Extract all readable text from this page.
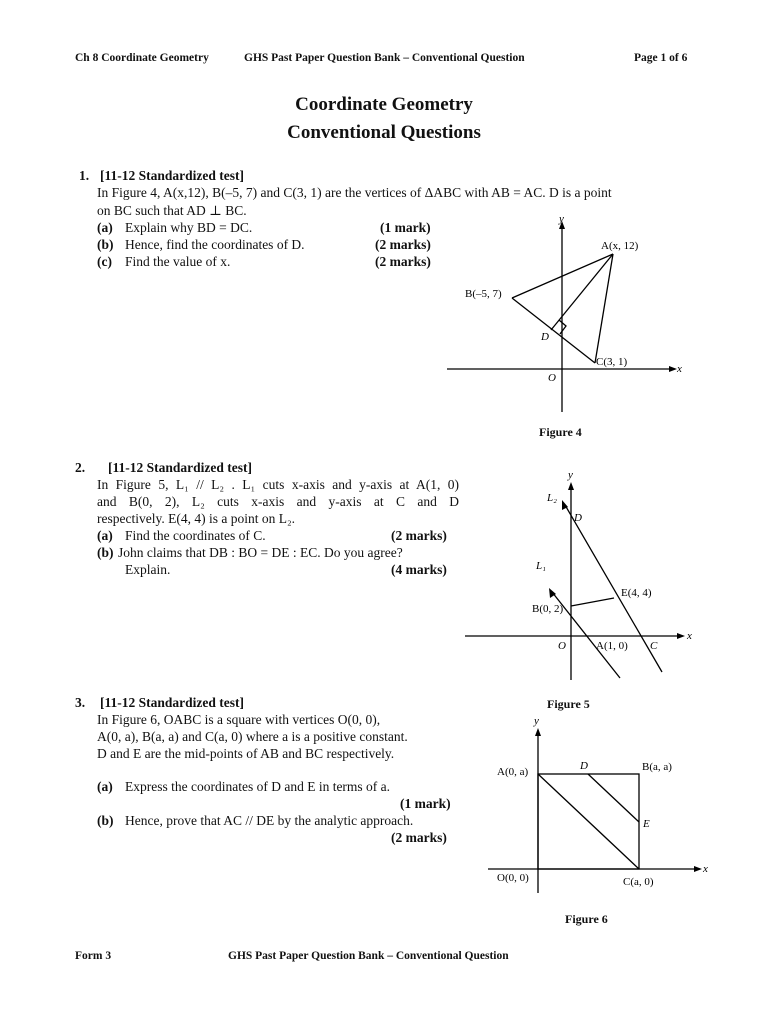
Ch 8 Coordinate Geometry	GHS Past Paper Question Bank – Conventional Question	Page 1 of 6
Coordinate Geometry
Conventional Questions
1. [11-12 Standardized test]
In Figure 4, A(x,12), B(–5, 7) and C(3, 1) are the vertices of ΔABC with AB = AC. D is a point
on BC such that AD ⊥ BC.
(a) Explain why BD = DC.	(1 mark)
(b) Hence, find the coordinates of D.	(2 marks)
(c) Find the value of x.	(2 marks)
y
x
A(x, 12)
B(–5, 7)
C(3, 1)
D
O
Figure 4
2. [11-12 Standardized test]
In Figure 5, L₁ // L₂ . L₁ cuts x-axis and y-axis at A(1, 0)
and B(0, 2), L₂ cuts x-axis and y-axis at C and D
respectively. E(4, 4) is a point on L₂.
(a) Find the coordinates of C.	(2 marks)
(b) John claims that DB : BO = DE : EC. Do you agree?
Explain.	(4 marks)
y
x
L₂
L₁
D
E(4, 4)
B(0, 2)
O	A(1, 0) C
Figure 5
3. [11-12 Standardized test]
In Figure 6, OABC is a square with vertices O(0, 0),
A(0, a), B(a, a) and C(a, 0) where a is a positive constant.
D and E are the mid-points of AB and BC respectively.
(a) Express the coordinates of D and E in terms of a.
(1 mark)
(b) Hence, prove that AC // DE by the analytic approach.
(2 marks)
y
x
A(0, a)	B(a, a)
D
E
O(0, 0)	C(a, 0)
Figure 6
Form 3	GHS Past Paper Question Bank – Conventional Question
